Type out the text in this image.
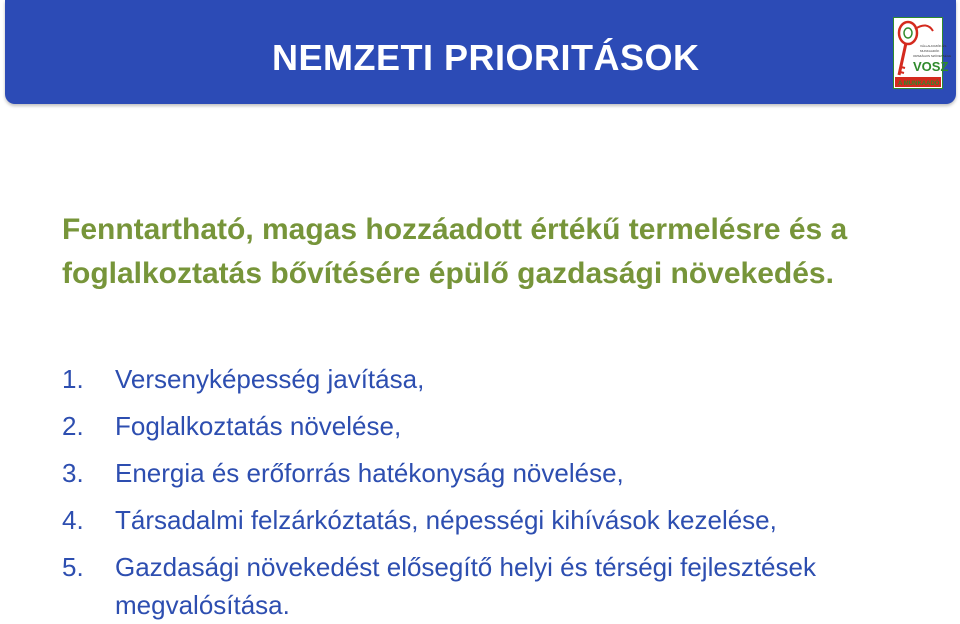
NEMZETI PRIORITÁSOK	VÁLLALKOZÓK ÉS
MUNKAADÓK
ORSZÁGOS SZÖVETSÉGE
VOSZ
A MUNKAADÓ
Fenntartható, magas hozzáadott értékű termelésre és a
foglalkoztatás bővítésére épülő gazdasági növekedés.
1. Versenyképesség javítása,
2. Foglalkoztatás növelése,
3. Energia és erőforrás hatékonyság növelése,
4. Társadalmi felzárkóztatás, népességi kihívások kezelése,
5. Gazdasági növekedést elősegítő helyi és térségi fejlesztések
megvalósítása.
